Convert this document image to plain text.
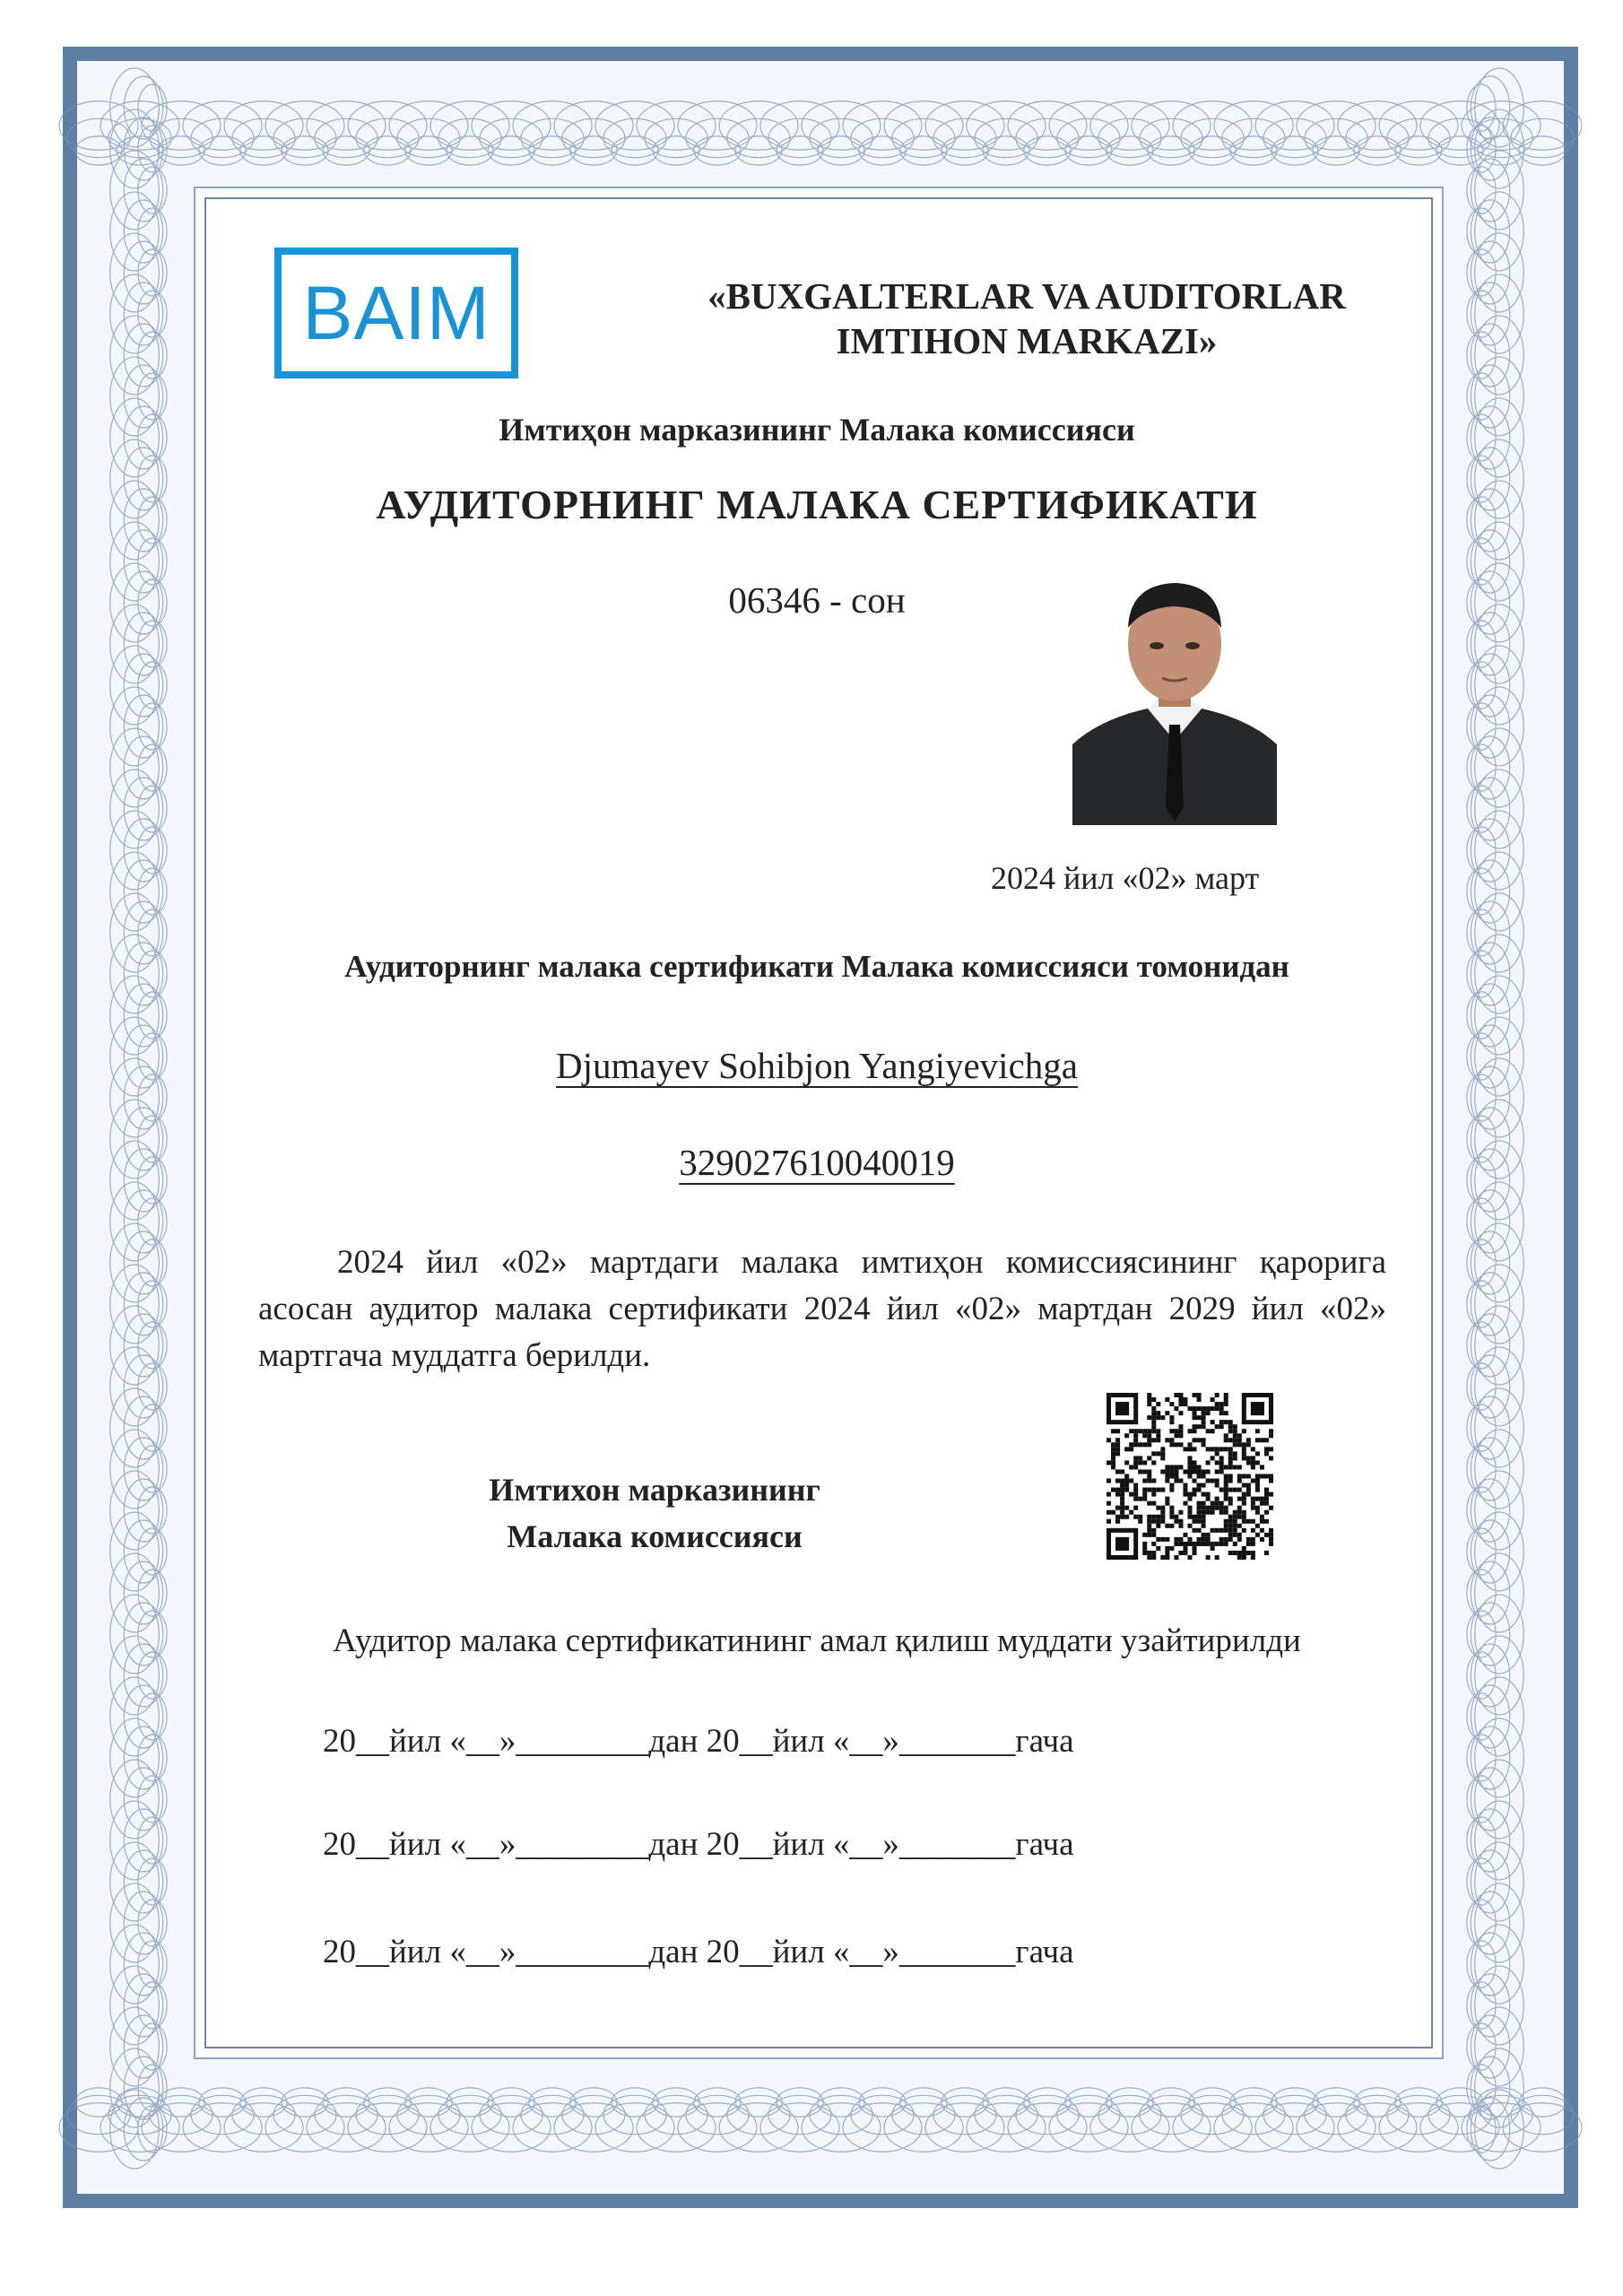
BAIM	«BUXGALTERLAR VA AUDITORLAR
IMTIHON MARKAZI»
Имтиҳон марказининг Малака комиссияси
АУДИТОРНИНГ МАЛАКА СЕРТИФИКАТИ
06346 - сон
2024 йил «02» март
Аудиторнинг малака сертификати Малака комиссияси томонидан
Djumayev Sohibjon Yangiyevichga
329027610040019
2024 йил «02» мартдаги малака имтиҳон комиссиясининг қарорига асосан аудитор малака сертификати 2024 йил «02» мартдан 2029 йил «02» мартгача муддатга берилди.
Имтихон марказининг
Малака комиссияси
Аудитор малака сертификатининг амал қилиш муддати узайтирилди
20__йил «__»________дан 20__йил «__»_______гача
20__йил «__»________дан 20__йил «__»_______гача
20__йил «__»________дан 20__йил «__»_______гача
